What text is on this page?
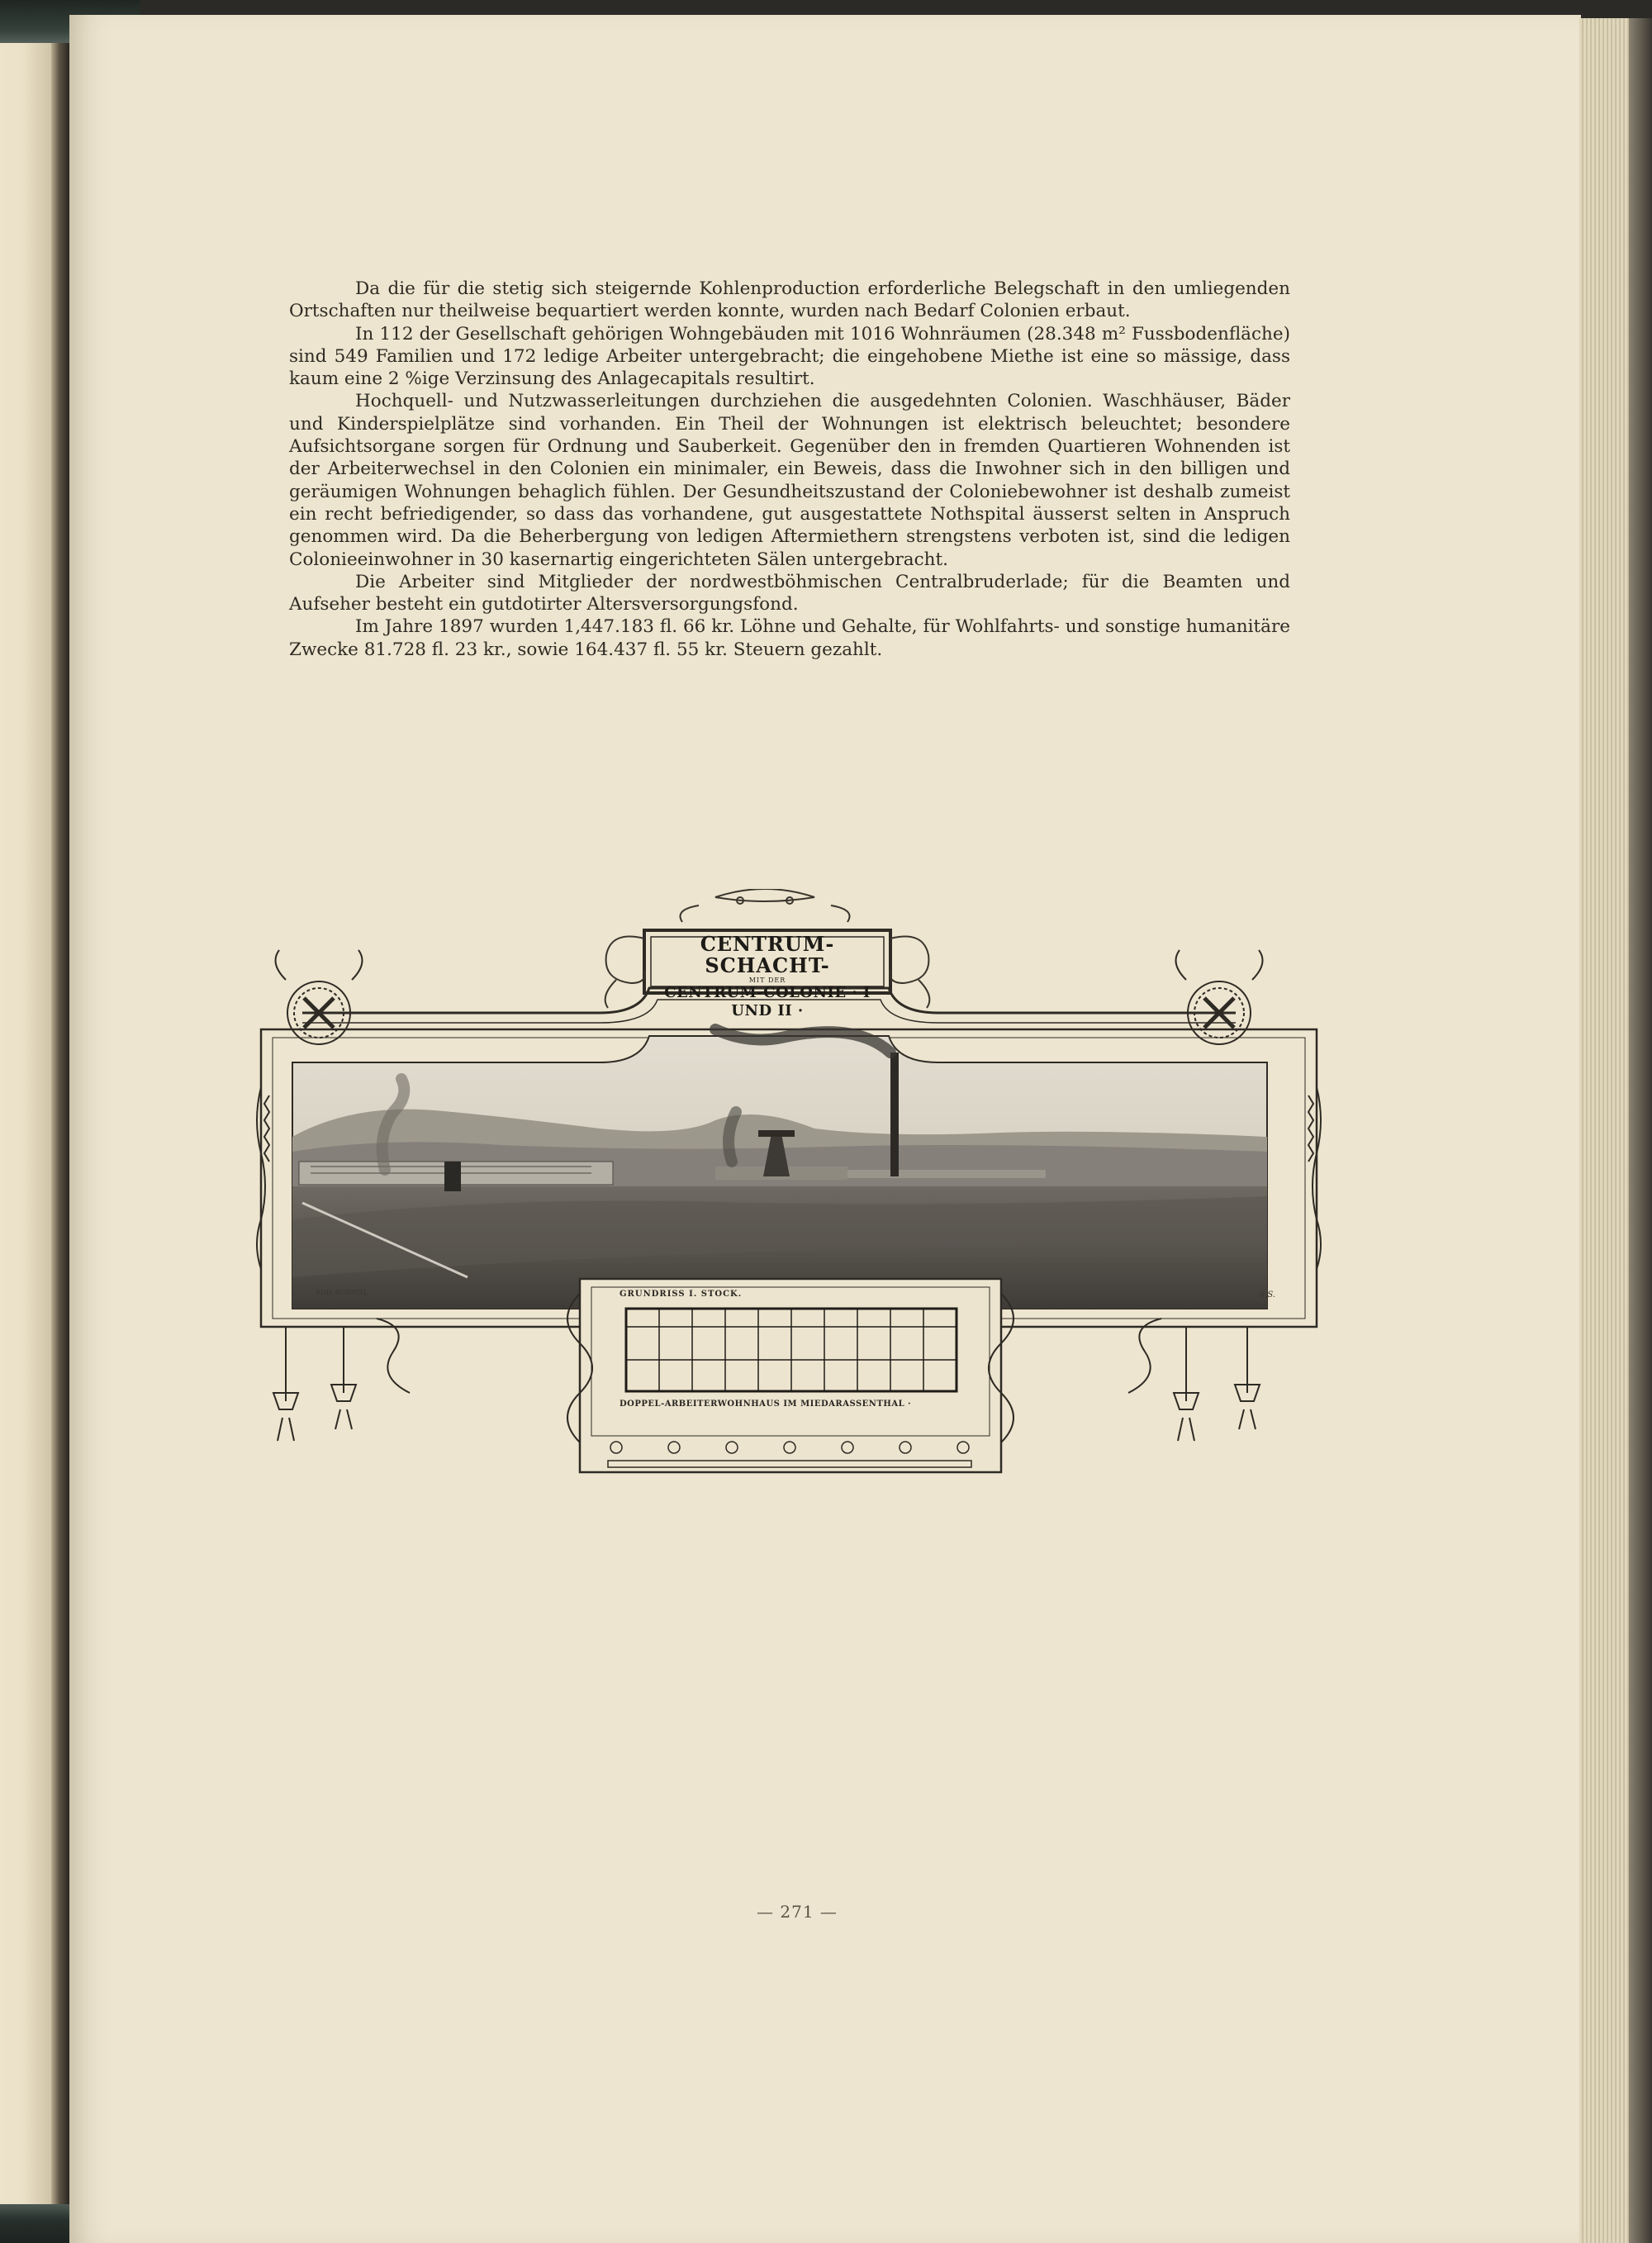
Da die für die stetig sich steigernde Kohlenproduction erforderliche Belegschaft in den umliegenden Ortschaften nur theilweise bequartiert werden konnte, wurden nach Bedarf Colonien erbaut.

In 112 der Gesellschaft gehörigen Wohngebäuden mit 1016 Wohnräumen (28.348 m² Fussbodenfläche) sind 549 Familien und 172 ledige Arbeiter untergebracht; die eingehobene Miethe ist eine so mässige, dass kaum eine 2 %ige Verzinsung des Anlagecapitals resultirt.

Hochquell- und Nutzwasserleitungen durchziehen die ausgedehnten Colonien. Waschhäuser, Bäder und Kinderspielplätze sind vorhanden. Ein Theil der Wohnungen ist elektrisch beleuchtet; besondere Aufsichtsorgane sorgen für Ordnung und Sauberkeit. Gegenüber den in fremden Quartieren Wohnenden ist der Arbeiterwechsel in den Colonien ein minimaler, ein Beweis, dass die Inwohner sich in den billigen und geräumigen Wohnungen behaglich fühlen. Der Gesundheitszustand der Coloniebewohner ist deshalb zumeist ein recht befriedigender, so dass das vorhandene, gut ausgestattete Nothspital äusserst selten in Anspruch genommen wird. Da die Beherbergung von ledigen Aftermiethern strengstens verboten ist, sind die ledigen Colonieeinwohner in 30 kasernartig eingerichteten Sälen untergebracht.

Die Arbeiter sind Mitglieder der nordwestböhmischen Centralbruderlade; für die Beamten und Aufseher besteht ein gutdotirter Altersversorgungsfond.

Im Jahre 1897 wurden 1,447.183 fl. 66 kr. Löhne und Gehalte, für Wohlfahrts- und sonstige humanitäre Zwecke 81.728 fl. 23 kr., sowie 164.437 fl. 55 kr. Steuern gezahlt.

CENTRUM-SCHACHT-
MIT DER
CENTRUM-COLONIE · I UND II ·
GRUNDRISS I. STOCK.
DOPPEL-ARBEITERWOHNHAUS IM MIEDARASSENTHAL ·
RUD. SCHNITL	A.S.
— 271 —
